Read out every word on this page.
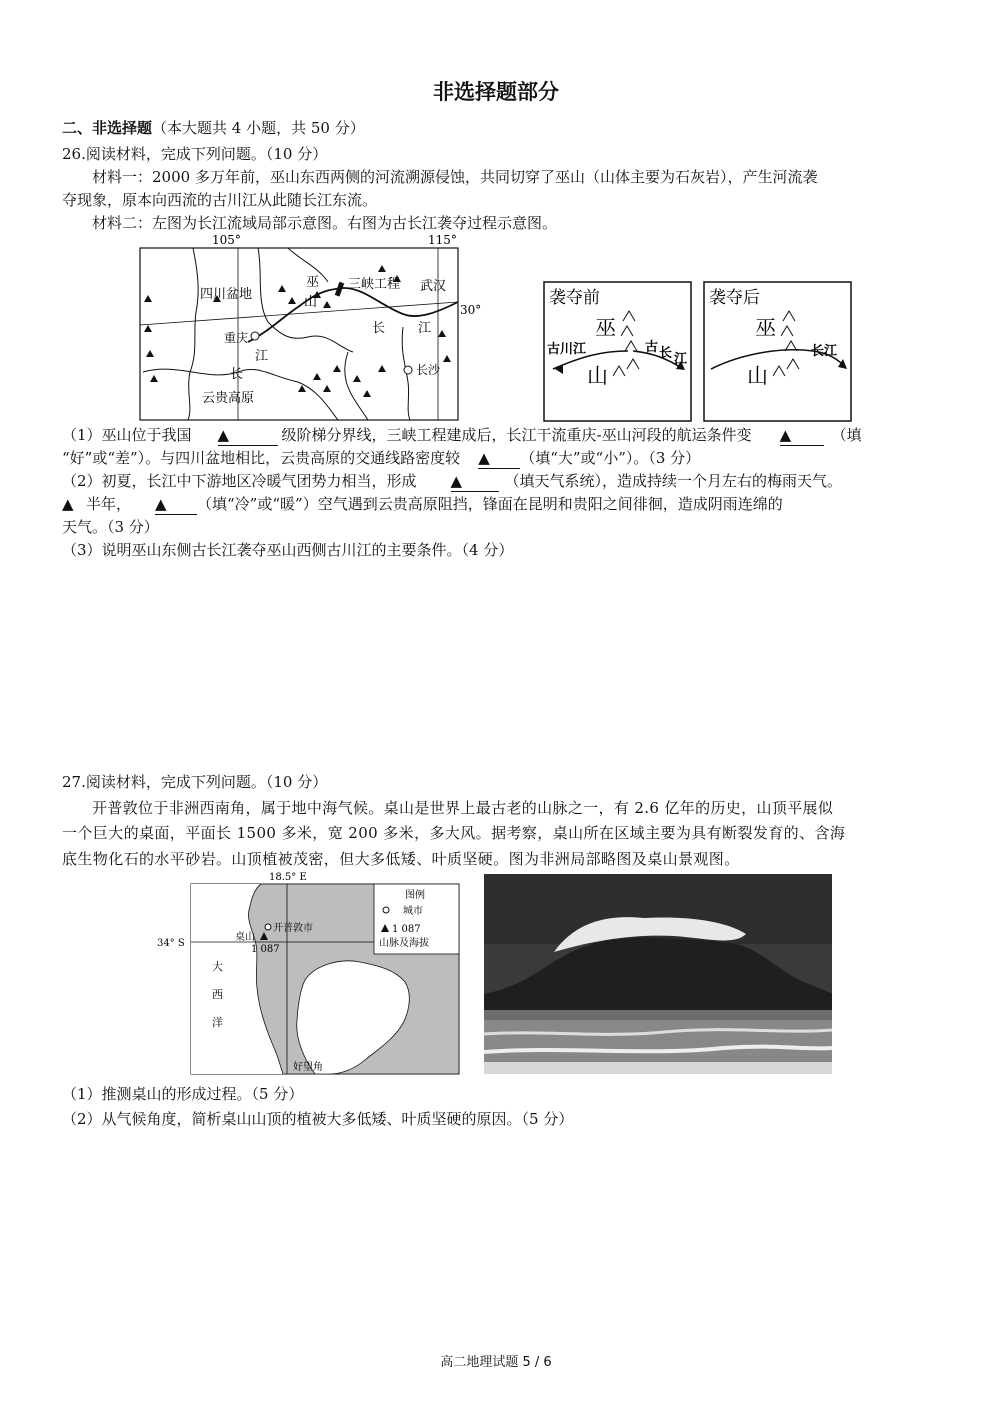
非选择题部分
二、非选择题（本大题共 4 小题，共 50 分）
26.阅读材料，完成下列问题。（10 分）
材料一：2000 多万年前，巫山东西两侧的河流溯源侵蚀，共同切穿了巫山（山体主要为石灰岩），产生河流袭
夺现象，原本向西流的古川江从此随长江东流。
材料二：左图为长江流域局部示意图。右图为古长江袭夺过程示意图。
105°	115°
30°
四川盆地
云贵高原
巫
山
三峡工程 武汉
重庆
长沙
长	江
江
长
袭夺前
巫
山
古川江	古 长 江
袭夺后
巫
山
长江
（1）巫山位于我国 ▲	级阶梯分界线，三峡工程建成后，长江干流重庆-巫山河段的航运条件变 ▲	（填
“好”或“差”）。与四川盆地相比，云贵高原的交通线路密度较 ▲ （填“大”或“小”）。（3 分）
（2）初夏，长江中下游地区冷暖气团势力相当，形成 ▲	（填天气系统），造成持续一个月左右的梅雨天气。
▲ 半年， ▲ （填“冷”或“暖”）空气遇到云贵高原阻挡，锋面在昆明和贵阳之间徘徊，造成阴雨连绵的
天气。（3 分）
（3）说明巫山东侧古长江袭夺巫山西侧古川江的主要条件。（4 分）
27.阅读材料，完成下列问题。（10 分）
开普敦位于非洲西南角，属于地中海气候。桌山是世界上最古老的山脉之一，有 2.6 亿年的历史，山顶平展似
一个巨大的桌面，平面长 1500 多米，宽 200 多米，多大风。据考察，桌山所在区域主要为具有断裂发育的、含海
底生物化石的水平砂岩。山顶植被茂密，但大多低矮、叶质坚硬。图为非洲局部略图及桌山景观图。
图例
城市
1 087
山脉及海拔
18.5° E
34° S
开普敦市
桌山
1 087
大
西
洋
好望角
（1）推测桌山的形成过程。（5 分）
（2）从气候角度，简析桌山山顶的植被大多低矮、叶质坚硬的原因。（5 分）
高二地理试题 5 / 6
